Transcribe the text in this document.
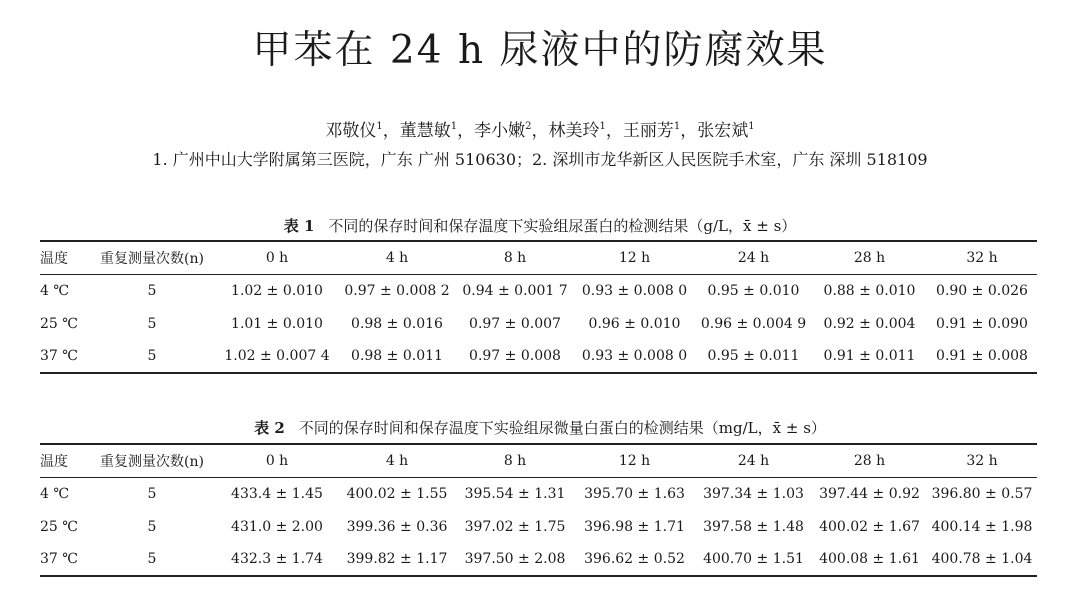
甲苯在 24 h 尿液中的防腐效果
邓敬仪$^1$，董慧敏$^1$，李小嫩$^2$，林美玲$^1$，王丽芳$^1$，张宏斌$^1$
1. 广州中山大学附属第三医院，广东 广州 510630；2. 深圳市龙华新区人民医院手术室，广东 深圳 518109
表 1 不同的保存时间和保存温度下实验组尿蛋白的检测结果（g/L，x̄ ± s）
温度	重复测量次数(n)	0 h	4 h	8 h	12 h	24 h	28 h	32 h
4 ℃	5	1.02 ± 0.010	0.97 ± 0.008 2	0.94 ± 0.001 7	0.93 ± 0.008 0	0.95 ± 0.010	0.88 ± 0.010	0.90 ± 0.026
25 ℃	5	1.01 ± 0.010	0.98 ± 0.016	0.97 ± 0.007	0.96 ± 0.010	0.96 ± 0.004 9	0.92 ± 0.004	0.91 ± 0.090
37 ℃	5	1.02 ± 0.007 4	0.98 ± 0.011	0.97 ± 0.008	0.93 ± 0.008 0	0.95 ± 0.011	0.91 ± 0.011	0.91 ± 0.008
表 2 不同的保存时间和保存温度下实验组尿微量白蛋白的检测结果（mg/L，x̄ ± s）
温度	重复测量次数(n)	0 h	4 h	8 h	12 h	24 h	28 h	32 h
4 ℃	5	433.4 ± 1.45	400.02 ± 1.55	395.54 ± 1.31	395.70 ± 1.63	397.34 ± 1.03	397.44 ± 0.92	396.80 ± 0.57
25 ℃	5	431.0 ± 2.00	399.36 ± 0.36	397.02 ± 1.75	396.98 ± 1.71	397.58 ± 1.48	400.02 ± 1.67	400.14 ± 1.98
37 ℃	5	432.3 ± 1.74	399.82 ± 1.17	397.50 ± 2.08	396.62 ± 0.52	400.70 ± 1.51	400.08 ± 1.61	400.78 ± 1.04
